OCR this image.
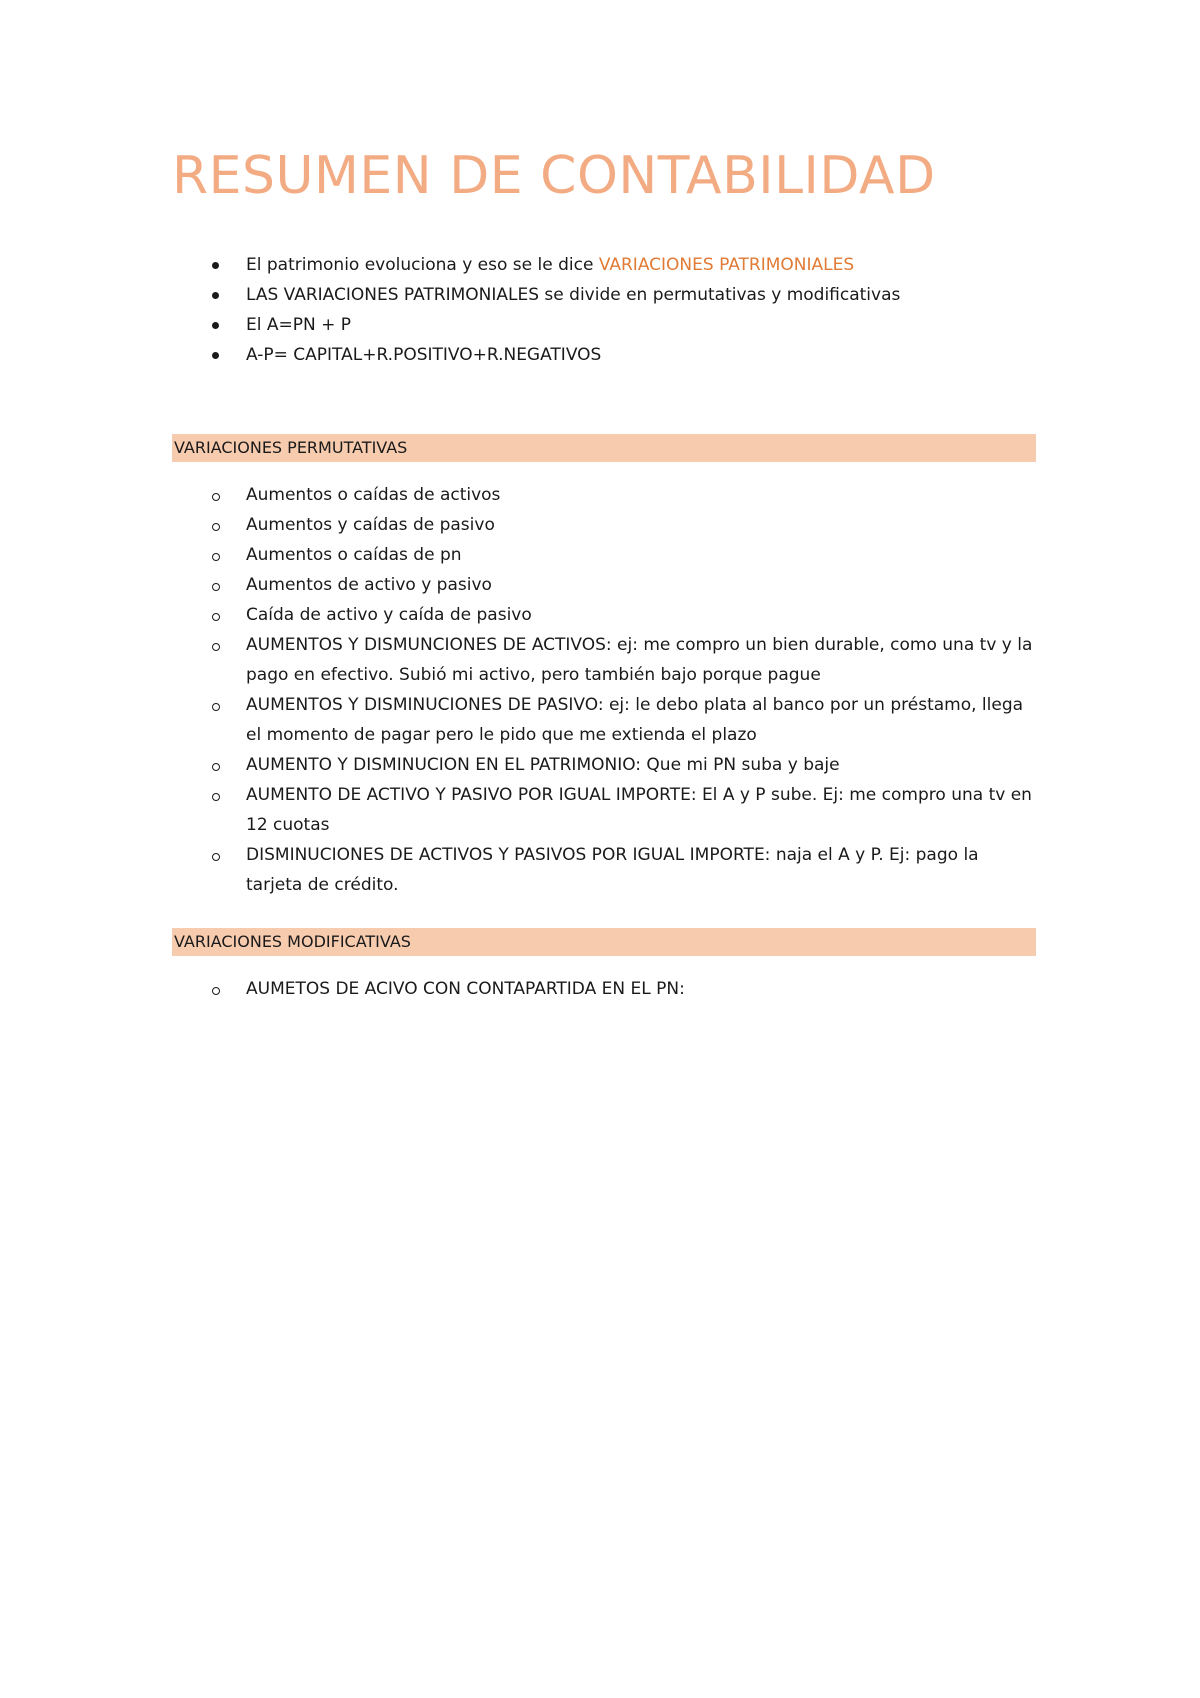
RESUMEN DE CONTABILIDAD
El patrimonio evoluciona y eso se le dice VARIACIONES PATRIMONIALES
LAS VARIACIONES PATRIMONIALES se divide en permutativas y modificativas
El A=PN + P
A-P= CAPITAL+R.POSITIVO+R.NEGATIVOS
VARIACIONES PERMUTATIVAS
Aumentos o caídas de activos
Aumentos y caídas de pasivo
Aumentos o caídas de pn
Aumentos de activo y pasivo
Caída de activo y caída de pasivo
AUMENTOS Y DISMUNCIONES DE ACTIVOS: ej: me compro un bien durable, como una tv y la pago en efectivo. Subió mi activo, pero también bajo porque pague
AUMENTOS Y DISMINUCIONES DE PASIVO: ej: le debo plata al banco por un préstamo, llega el momento de pagar pero le pido que me extienda el plazo
AUMENTO Y DISMINUCION EN EL PATRIMONIO: Que mi PN suba y baje
AUMENTO DE ACTIVO Y PASIVO POR IGUAL IMPORTE: El A y P sube. Ej: me compro una tv en 12 cuotas
DISMINUCIONES DE ACTIVOS Y PASIVOS POR IGUAL IMPORTE: naja el A y P. Ej: pago la tarjeta de crédito.
VARIACIONES MODIFICATIVAS
AUMETOS DE ACIVO CON CONTAPARTIDA EN EL PN:
